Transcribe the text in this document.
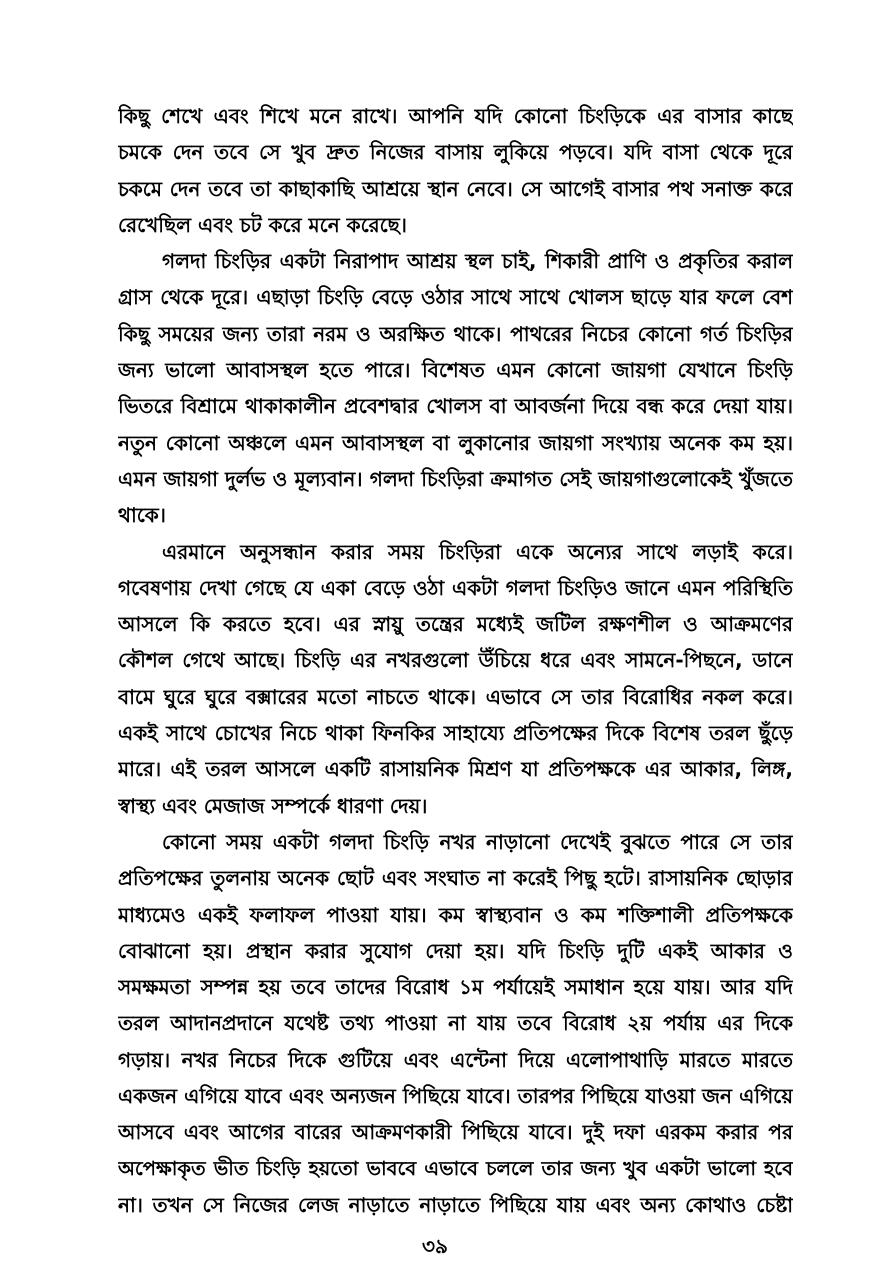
কিছু শেখে এবং শিখে মনে রাখে। আপনি যদি কোনো চিংড়িকে এর বাসার কাছে
চমকে দেন তবে সে খুব দ্রুত নিজের বাসায় লুকিয়ে পড়বে। যদি বাসা থেকে দূরে
চকমে দেন তবে তা কাছাকাছি আশ্রয়ে স্থান নেবে। সে আগেই বাসার পথ সনাক্ত করে
রেখেছিল এবং চট করে মনে করেছে।
গলদা চিংড়ির একটা নিরাপাদ আশ্রয় স্থল চাই, শিকারী প্রাণি ও প্রকৃতির করাল
গ্রাস থেকে দূরে। এছাড়া চিংড়ি বেড়ে ওঠার সাথে সাথে খোলস ছাড়ে যার ফলে বেশ
কিছু সময়ের জন্য তারা নরম ও অরক্ষিত থাকে। পাথরের নিচের কোনো গর্ত চিংড়ির
জন্য ভালো আবাসস্থল হতে পারে। বিশেষত এমন কোনো জায়গা যেখানে চিংড়ি
ভিতরে বিশ্রামে থাকাকালীন প্রবেশদ্বার খোলস বা আবর্জনা দিয়ে বন্ধ করে দেয়া যায়।
নতুন কোনো অঞ্চলে এমন আবাসস্থল বা লুকানোর জায়গা সংখ্যায় অনেক কম হয়।
এমন জায়গা দুর্লভ ও মূল্যবান। গলদা চিংড়িরা ক্রমাগত সেই জায়গাগুলোকেই খুঁজতে
থাকে।
এরমানে অনুসন্ধান করার সময় চিংড়িরা একে অন্যের সাথে লড়াই করে।
গবেষণায় দেখা গেছে যে একা বেড়ে ওঠা একটা গলদা চিংড়িও জানে এমন পরিস্থিতি
আসলে কি করতে হবে। এর স্নায়ু তন্ত্রের মধ্যেই জটিল রক্ষণশীল ও আক্রমণের
কৌশল গেথে আছে। চিংড়ি এর নখরগুলো উঁচিয়ে ধরে এবং সামনে-পিছনে, ডানে
বামে ঘুরে ঘুরে বক্সারের মতো নাচতে থাকে। এভাবে সে তার বিরোধির নকল করে।
একই সাথে চোখের নিচে থাকা ফিনকির সাহায্যে প্রতিপক্ষের দিকে বিশেষ তরল ছুঁড়ে
মারে। এই তরল আসলে একটি রাসায়নিক মিশ্রণ যা প্রতিপক্ষকে এর আকার, লিঙ্গ,
স্বাস্থ্য এবং মেজাজ সম্পর্কে ধারণা দেয়।
কোনো সময় একটা গলদা চিংড়ি নখর নাড়ানো দেখেই বুঝতে পারে সে তার
প্রতিপক্ষের তুলনায় অনেক ছোট এবং সংঘাত না করেই পিছু হটে। রাসায়নিক ছোড়ার
মাধ্যমেও একই ফলাফল পাওয়া যায়। কম স্বাস্থ্যবান ও কম শক্তিশালী প্রতিপক্ষকে
বোঝানো হয়। প্রস্থান করার সুযোগ দেয়া হয়। যদি চিংড়ি দুটি একই আকার ও
সমক্ষমতা সম্পন্ন হয় তবে তাদের বিরোধ ১ম পর্যায়েই সমাধান হয়ে যায়। আর যদি
তরল আদানপ্রদানে যথেষ্ট তথ্য পাওয়া না যায় তবে বিরোধ ২য় পর্যায় এর দিকে
গড়ায়। নখর নিচের দিকে গুটিয়ে এবং এন্টেনা দিয়ে এলোপাথাড়ি মারতে মারতে
একজন এগিয়ে যাবে এবং অন্যজন পিছিয়ে যাবে। তারপর পিছিয়ে যাওয়া জন এগিয়ে
আসবে এবং আগের বারের আক্রমণকারী পিছিয়ে যাবে। দুই দফা এরকম করার পর
অপেক্ষাকৃত ভীত চিংড়ি হয়তো ভাববে এভাবে চললে তার জন্য খুব একটা ভালো হবে
না। তখন সে নিজের লেজ নাড়াতে নাড়াতে পিছিয়ে যায় এবং অন্য কোথাও চেষ্টা
৩৯
